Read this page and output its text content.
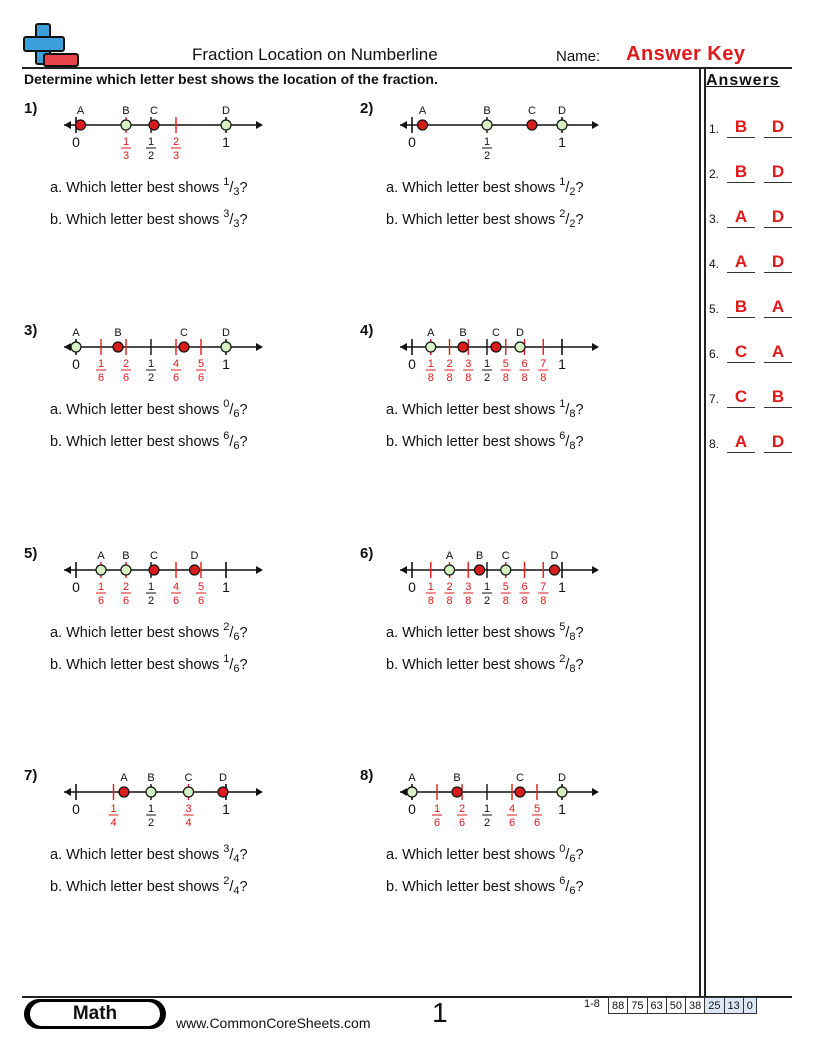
Fraction Location on Numberline	Name: Answer Key
Determine which letter best shows the location of the fraction.	Answers
1. B	D
2. B	D
3. A	D
4. A	D
5. B	A
6. C	A
7. C	B
8. A	D
1)
0	1
1
3
1
2
2
3
A	B C	D
a. Which letter best shows $^1/_3$?
b. Which letter best shows $^3/_3$?
2)
0	1
1
2
A	B	C D
a. Which letter best shows $^1/_2$?
b. Which letter best shows $^2/_2$?
3)
0	1
1
6
2
6
1
2
4
6
5
6
A	B	C	D
a. Which letter best shows $^0/_6$?
b. Which letter best shows $^6/_6$?
4)
0	1
1
8
2
8
3
8
1
2
5
8
6
8
7
8
A B C D
a. Which letter best shows $^1/_8$?
b. Which letter best shows $^6/_8$?
5)
0	1
1
6
2
6
1
2
4
6
5
6
A B C	D
a. Which letter best shows $^2/_6$?
b. Which letter best shows $^1/_6$?
6)
0	1
1
8
2
8
3
8
1
2
5
8
6
8
7
8
A B C	D
a. Which letter best shows $^5/_8$?
b. Which letter best shows $^2/_8$?
7)
0	1
1
4
1
2
3
4
A B	C D
a. Which letter best shows $^3/_4$?
b. Which letter best shows $^2/_4$?
8)
0	1
1
6
2
6
1
2
4
6
5
6
A	B	C	D
a. Which letter best shows $^0/_6$?
b. Which letter best shows $^6/_6$?
Math	www.CommonCoreSheets.com 1	1-8 88	75	63	50	38	25	13	0
